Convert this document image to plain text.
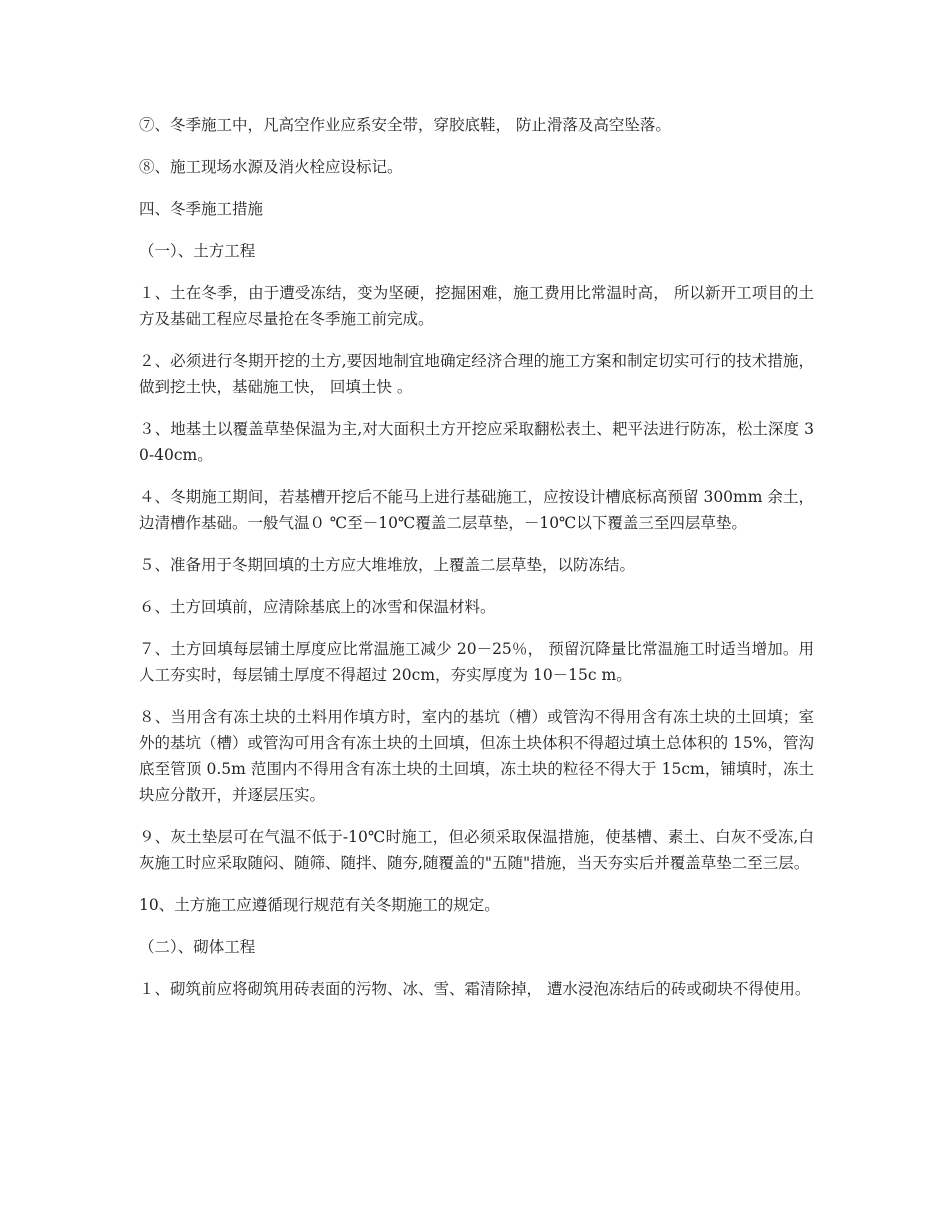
⑦、冬季施工中，凡高空作业应系安全带，穿胶底鞋， 防止滑落及高空坠落。

⑧、施工现场水源及消火栓应设标记。

四、冬季施工措施

（一）、土方工程

１、土在冬季，由于遭受冻结，变为坚硬，挖掘困难，施工费用比常温时高， 所以新开工项目的土方及基础工程应尽量抢在冬季施工前完成。

２、必须进行冬期开挖的土方,要因地制宜地确定经济合理的施工方案和制定切实可行的技术措施，做到挖土快，基础施工快， 回填土快 。

３、地基土以覆盖草垫保温为主,对大面积土方开挖应采取翻松表土、耙平法进行防冻，松土深度 30-40cm。

４、冬期施工期间，若基槽开挖后不能马上进行基础施工，应按设计槽底标高预留 300mm 余土，边清槽作基础。一般气温０ ℃至－10℃覆盖二层草垫，－10℃以下覆盖三至四层草垫。

５、准备用于冬期回填的土方应大堆堆放，上覆盖二层草垫，以防冻结。

６、土方回填前，应清除基底上的冰雪和保温材料。

７、土方回填每层铺土厚度应比常温施工减少 20－25％， 预留沉降量比常温施工时适当增加。用人工夯实时，每层铺土厚度不得超过 20cm，夯实厚度为 10－15c m。

８、当用含有冻土块的土料用作填方时，室内的基坑（槽）或管沟不得用含有冻土块的土回填；室外的基坑（槽）或管沟可用含有冻土块的土回填，但冻土块体积不得超过填土总体积的 15%，管沟底至管顶 0.5m 范围内不得用含有冻土块的土回填，冻土块的粒径不得大于 15cm，铺填时，冻土块应分散开，并逐层压实。

９、灰土垫层可在气温不低于-10℃时施工，但必须采取保温措施，使基槽、素土、白灰不受冻,白灰施工时应采取随闷、随筛、随拌、随夯,随覆盖的"五随"措施，当天夯实后并覆盖草垫二至三层。

10、土方施工应遵循现行规范有关冬期施工的规定。

（二）、砌体工程

１、砌筑前应将砌筑用砖表面的污物、冰、雪、霜清除掉， 遭水浸泡冻结后的砖或砌块不得使用。
